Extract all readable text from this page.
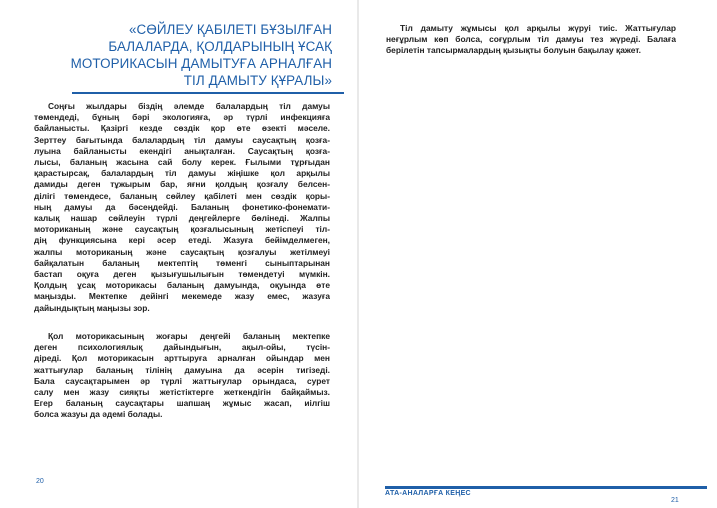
«СӨЙЛЕУ ҚАБІЛЕТІ БҰЗЫЛҒАН
БАЛАЛАРДА, ҚОЛДАРЫНЫҢ ҰСАҚ
МОТОРИКАСЫН ДАМЫТУҒА АРНАЛҒАН
ТІЛ ДАМЫТУ ҚҰРАЛЫ»
Соңғы жылдары біздің әлемде балалардың тіл дамуы
төмендеді, бұның бәрі экологияға, әр түрлі инфекцияға
байланысты. Қазіргі кезде сөздік қор өте өзекті мәселе.
Зерттеу бағытында балалардың тіл дамуы саусақтың қозға-
луына байланысты екендігі анықталған. Саусақтың қозға-
лысы, баланың жасына сай болу керек. Ғылыми тұрғыдан
қарастырсақ, балалардың тіл дамуы жіңішке қол арқылы
дамиды деген тұжырым бар, яғни қолдың қозғалу белсен-
ділігі төмендесе, баланың сөйлеу қабілеті мен сөздік қоры-
ның дамуы да бәсеңдейді. Баланың фонетико-фонемати-
калық нашар сөйлеуін түрлі деңгейлерге бөлінеді. Жалпы
моториканың және саусақтың қозғалысының жетіспеуі тіл-
дің функциясына кері әсер етеді. Жазуға бейімделмеген,
жалпы моториканың және саусақтың қозғалуы жетілмеуі
байқалатын баланың мектептің төменгі сыныптарынан
бастап оқуға деген қызығушылығын төмендетуі мүмкін.
Қолдың ұсақ моторикасы баланың дамуында, оқуында өте
маңызды. Мектепке дейінгі мекемеде жазу емес, жазуға
дайындықтың маңызы зор.
Қол моторикасының жоғары деңгейі баланың мектепке
деген психологиялық дайындығын, ақыл-ойы, түсін-
діреді. Қол моторикасын арттыруға арналған ойындар мен
жаттығулар баланың тілінің дамуына да әсерін тигізеді.
Бала саусақтарымен әр түрлі жаттығулар орындаса, сурет
салу мен жазу сияқты жетістіктерге жеткендігін байқаймыз.
Егер баланың саусақтары шапшаң жұмыс жасап, иілгіш
болса жазуы да әдемі болады.
20
Тіл дамыту жұмысы қол арқылы жүруі тиіс. Жаттығулар
неғұрлым көп болса, соғұрлым тіл дамуы тез жүреді. Балаға
берілетін тапсырмалардың қызықты болуын бақылау қажет.
АТА-АНАЛАРҒА КЕҢЕС
21
